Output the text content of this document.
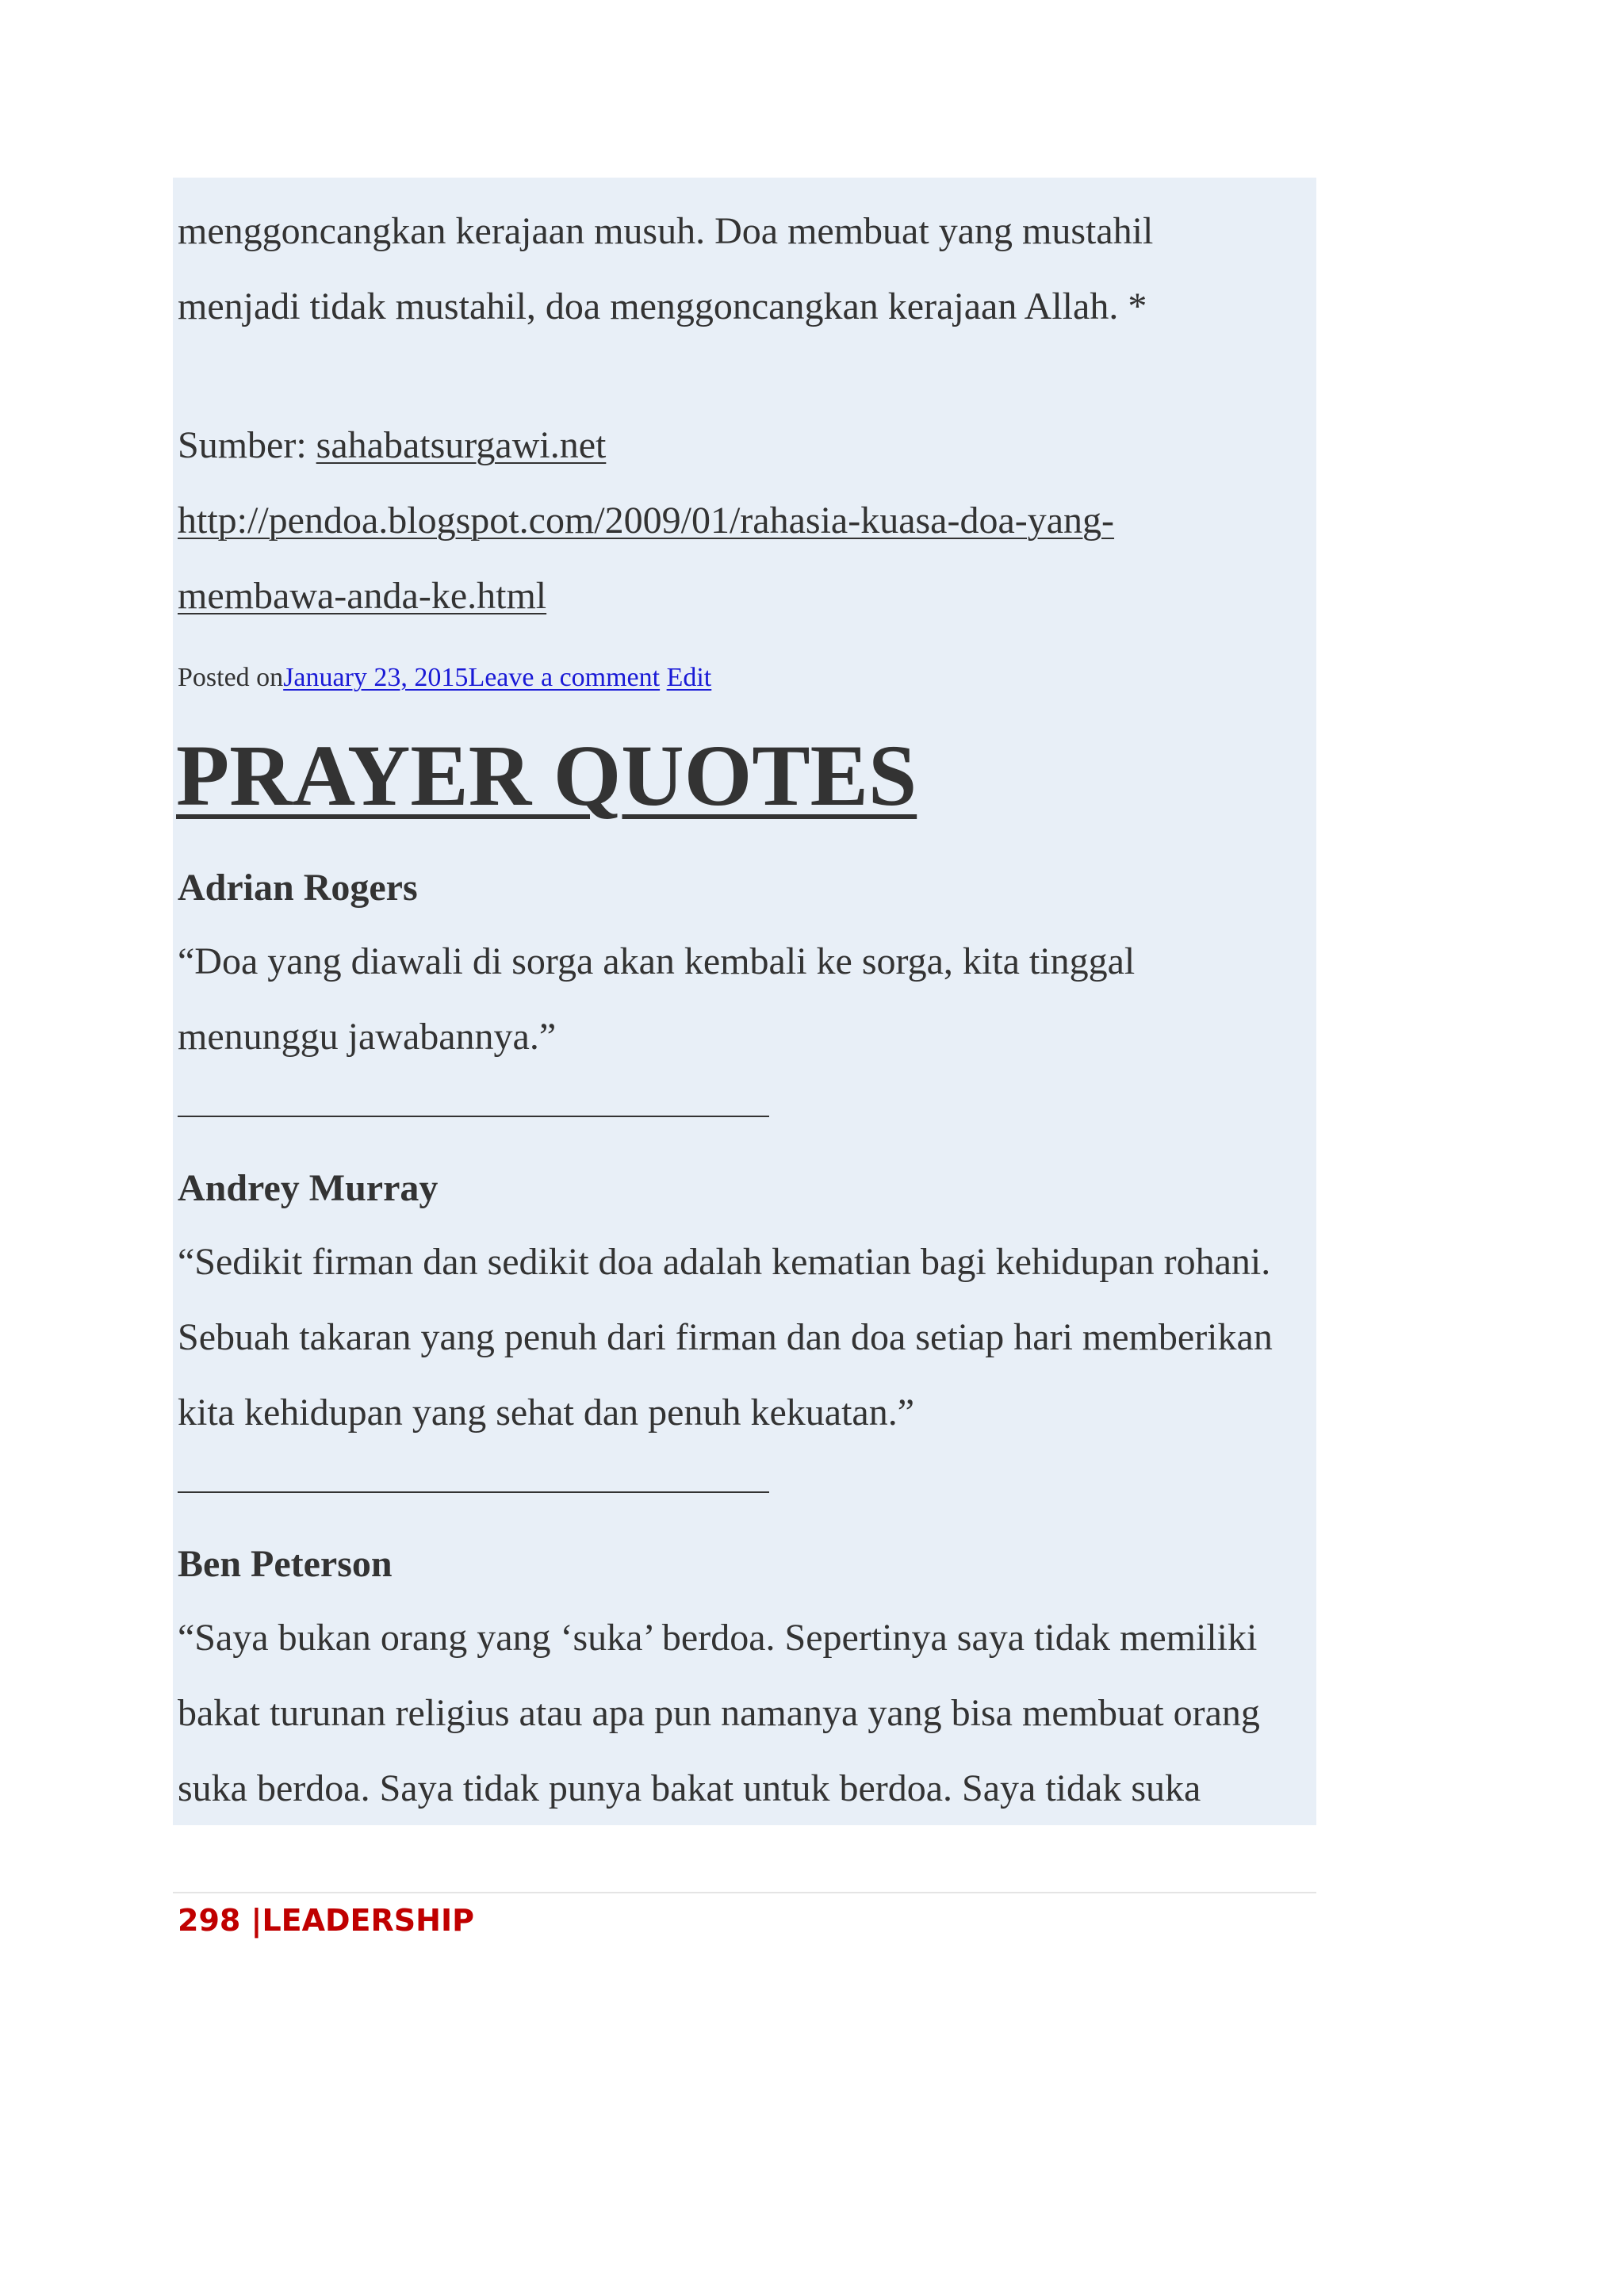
menggoncangkan kerajaan musuh. Doa membuat yang mustahil
menjadi tidak mustahil, doa menggoncangkan kerajaan Allah. *
Sumber: sahabatsurgawi.net
http://pendoa.blogspot.com/2009/01/rahasia-kuasa-doa-yang-
membawa-anda-ke.html
Posted onJanuary 23, 2015Leave a comment Edit
PRAYER QUOTES
Adrian Rogers
“Doa yang diawali di sorga akan kembali ke sorga, kita tinggal
menunggu jawabannya.”
Andrey Murray
“Sedikit firman dan sedikit doa adalah kematian bagi kehidupan rohani.
Sebuah takaran yang penuh dari firman dan doa setiap hari memberikan
kita kehidupan yang sehat dan penuh kekuatan.”
Ben Peterson
“Saya bukan orang yang ‘suka’ berdoa. Sepertinya saya tidak memiliki
bakat turunan religius atau apa pun namanya yang bisa membuat orang
suka berdoa. Saya tidak punya bakat untuk berdoa. Saya tidak suka
298 |LEADERSHIP
